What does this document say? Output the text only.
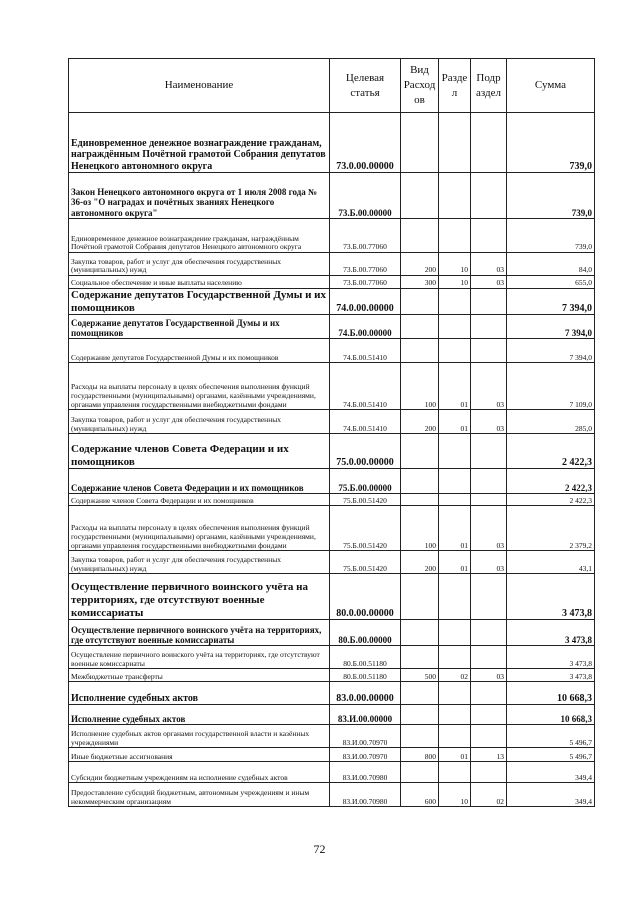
Наименование	Целевая статья	Вид Расход ов	Разде л	Подр аздел	Сумма
Единовременное денежное вознаграждение гражданам, награждённым Почётной грамотой Собрания депутатов Ненецкого автономного округа	73.0.00.00000				739,0
Закон Ненецкого автономного округа от 1 июля 2008 года № 36-оз "О наградах и почётных званиях Ненецкого автономного округа"	73.Б.00.00000				739,0
Единовременное денежное вознаграждение гражданам, награждённым Почётной грамотой Собрания депутатов Ненецкого автономного округа	73.Б.00.77060				739,0
Закупка товаров, работ и услуг для обеспечения государственных (муниципальных) нужд	73.Б.00.77060	200	10	03	84,0
Социальное обеспечение и иные выплаты населению	73.Б.00.77060	300	10	03	655,0
Содержание депутатов Государственной Думы и их помощников	74.0.00.00000				7 394,0
Содержание депутатов Государственной Думы и их помощников	74.Б.00.00000				7 394,0
Содержание депутатов Государственной Думы и их помощников	74.Б.00.51410				7 394,0
Расходы на выплаты персоналу в целях обеспечения выполнения функций государственными (муниципальными) органами, казёнными учреждениями, органами управления государственными внебюджетными фондами	74.Б.00.51410	100	01	03	7 109,0
Закупка товаров, работ и услуг для обеспечения государственных (муниципальных) нужд	74.Б.00.51410	200	01	03	285,0
Содержание членов Совета Федерации и их помощников	75.0.00.00000				2 422,3
Содержание членов Совета Федерации и их помощников	75.Б.00.00000				2 422,3
Содержание членов Совета Федерации и их помощников	75.Б.00.51420				2 422,3
Расходы на выплаты персоналу в целях обеспечения выполнения функций государственными (муниципальными) органами, казёнными учреждениями, органами управления государственными внебюджетными фондами	75.Б.00.51420	100	01	03	2 379,2
Закупка товаров, работ и услуг для обеспечения государственных (муниципальных) нужд	75.Б.00.51420	200	01	03	43,1
Осуществление первичного воинского учёта на территориях, где отсутствуют военные комиссариаты	80.0.00.00000				3 473,8
Осуществление первичного воинского учёта на территориях, где отсутствуют военные комиссариаты	80.Б.00.00000				3 473,8
Осуществление первичного воинского учёта на территориях, где отсутствуют военные комиссариаты	80.Б.00.51180				3 473,8
Межбюджетные трансферты	80.Б.00.51180	500	02	03	3 473,8
Исполнение судебных актов	83.0.00.00000				10 668,3
Исполнение судебных актов	83.И.00.00000				10 668,3
Исполнение судебных актов органами государственной власти и казённых учреждениями	83.И.00.70970				5 496,7
Иные бюджетные ассигнования	83.И.00.70970	800	01	13	5 496,7
Субсидии бюджетным учреждениям на исполнение судебных актов	83.И.00.70980				349,4
Предоставление субсидий бюджетным, автономным учреждениям и иным некоммерческим организациям	83.И.00.70980	600	10	02	349,4
72
